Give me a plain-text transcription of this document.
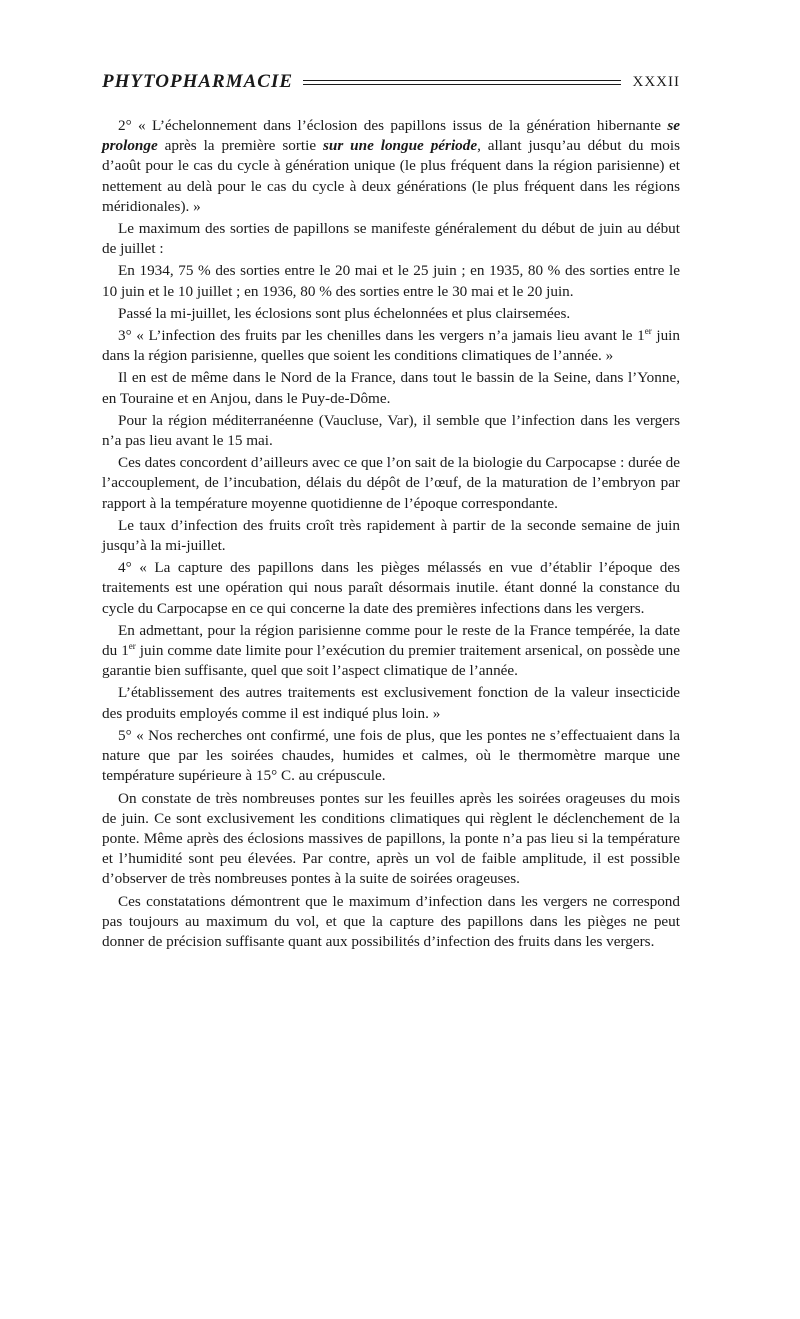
PHYTOPHARMACIE	XXXII

2° « L’échelonnement dans l’éclosion des papillons issus de la génération hibernante se prolonge après la première sortie sur une longue période, allant jusqu’au début du mois d’août pour le cas du cycle à génération unique (le plus fréquent dans la région parisienne) et nettement au delà pour le cas du cycle à deux générations (le plus fréquent dans les régions méridionales). »

Le maximum des sorties de papillons se manifeste généralement du début de juin au début de juillet :

En 1934, 75 % des sorties entre le 20 mai et le 25 juin ; en 1935, 80 % des sorties entre le 10 juin et le 10 juillet ; en 1936, 80 % des sorties entre le 30 mai et le 20 juin.

Passé la mi-juillet, les éclosions sont plus échelonnées et plus clairsemées.

3° « L’infection des fruits par les chenilles dans les vergers n’a jamais lieu avant le 1er juin dans la région parisienne, quelles que soient les conditions climatiques de l’année. »

Il en est de même dans le Nord de la France, dans tout le bassin de la Seine, dans l’Yonne, en Touraine et en Anjou, dans le Puy-de-Dôme.

Pour la région méditerranéenne (Vaucluse, Var), il semble que l’infection dans les vergers n’a pas lieu avant le 15 mai.

Ces dates concordent d’ailleurs avec ce que l’on sait de la biologie du Carpocapse : durée de l’accouplement, de l’incubation, délais du dépôt de l’œuf, de la maturation de l’embryon par rapport à la température moyenne quotidienne de l’époque correspondante.

Le taux d’infection des fruits croît très rapidement à partir de la seconde semaine de juin jusqu’à la mi-juillet.

4° « La capture des papillons dans les pièges mélassés en vue d’établir l’époque des traitements est une opération qui nous paraît désormais inutile. étant donné la constance du cycle du Carpocapse en ce qui concerne la date des premières infections dans les vergers.

En admettant, pour la région parisienne comme pour le reste de la France tempérée, la date du 1er juin comme date limite pour l’exécution du premier traitement arsenical, on possède une garantie bien suffisante, quel que soit l’aspect climatique de l’année.

L’établissement des autres traitements est exclusivement fonction de la valeur insecticide des produits employés comme il est indiqué plus loin. »

5° « Nos recherches ont confirmé, une fois de plus, que les pontes ne s’effectuaient dans la nature que par les soirées chaudes, humides et calmes, où le thermomètre marque une température supérieure à 15° C. au crépuscule.

On constate de très nombreuses pontes sur les feuilles après les soirées orageuses du mois de juin. Ce sont exclusivement les conditions climatiques qui règlent le déclenchement de la ponte. Même après des éclosions massives de papillons, la ponte n’a pas lieu si la température et l’humidité sont peu élevées. Par contre, après un vol de faible amplitude, il est possible d’observer de très nombreuses pontes à la suite de soirées orageuses.

Ces constatations démontrent que le maximum d’infection dans les vergers ne correspond pas toujours au maximum du vol, et que la capture des papillons dans les pièges ne peut donner de précision suffisante quant aux possibilités d’infection des fruits dans les vergers.
